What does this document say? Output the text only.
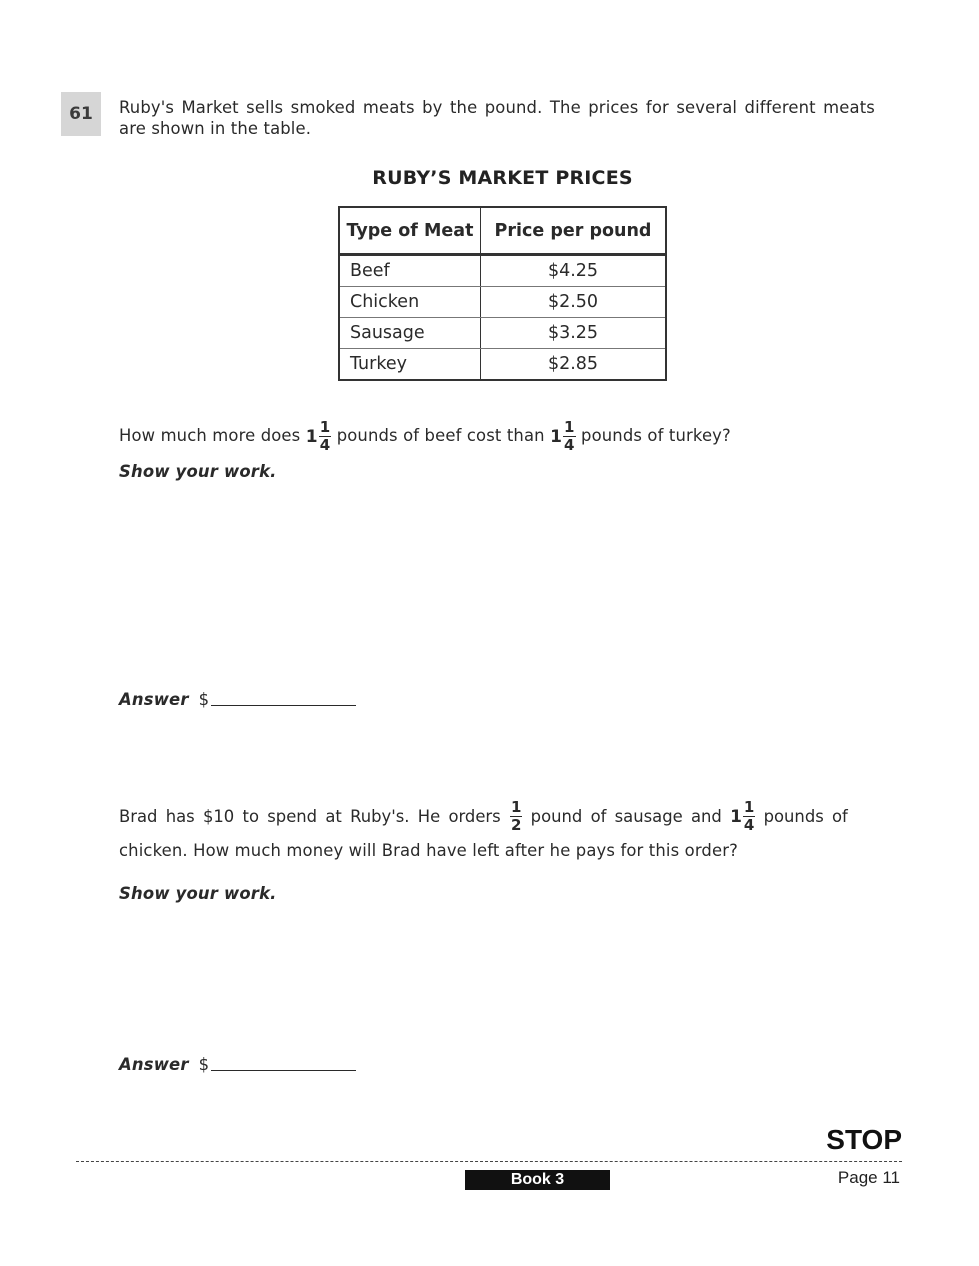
61	Ruby's Market sells smoked meats by the pound. The prices for several different meats are shown in the table.
RUBY’S MARKET PRICES
Type of Meat	Price per pound
Beef	$4.25
Chicken	$2.50
Sausage	$3.25
Turkey	$2.85
How much more does $1 \frac{1}{4}$ pounds of beef cost than $1 \frac{1}{4}$ pounds of turkey?
Show your work.
Answer $
Brad has $10 to spend at Ruby's. He orders $\frac{1}{2}$ pound of sausage and $1 \frac{1}{4}$ pounds of
chicken. How much money will Brad have left after he pays for this order?
Show your work.
Answer $
STOP
Book 3	Page 11
